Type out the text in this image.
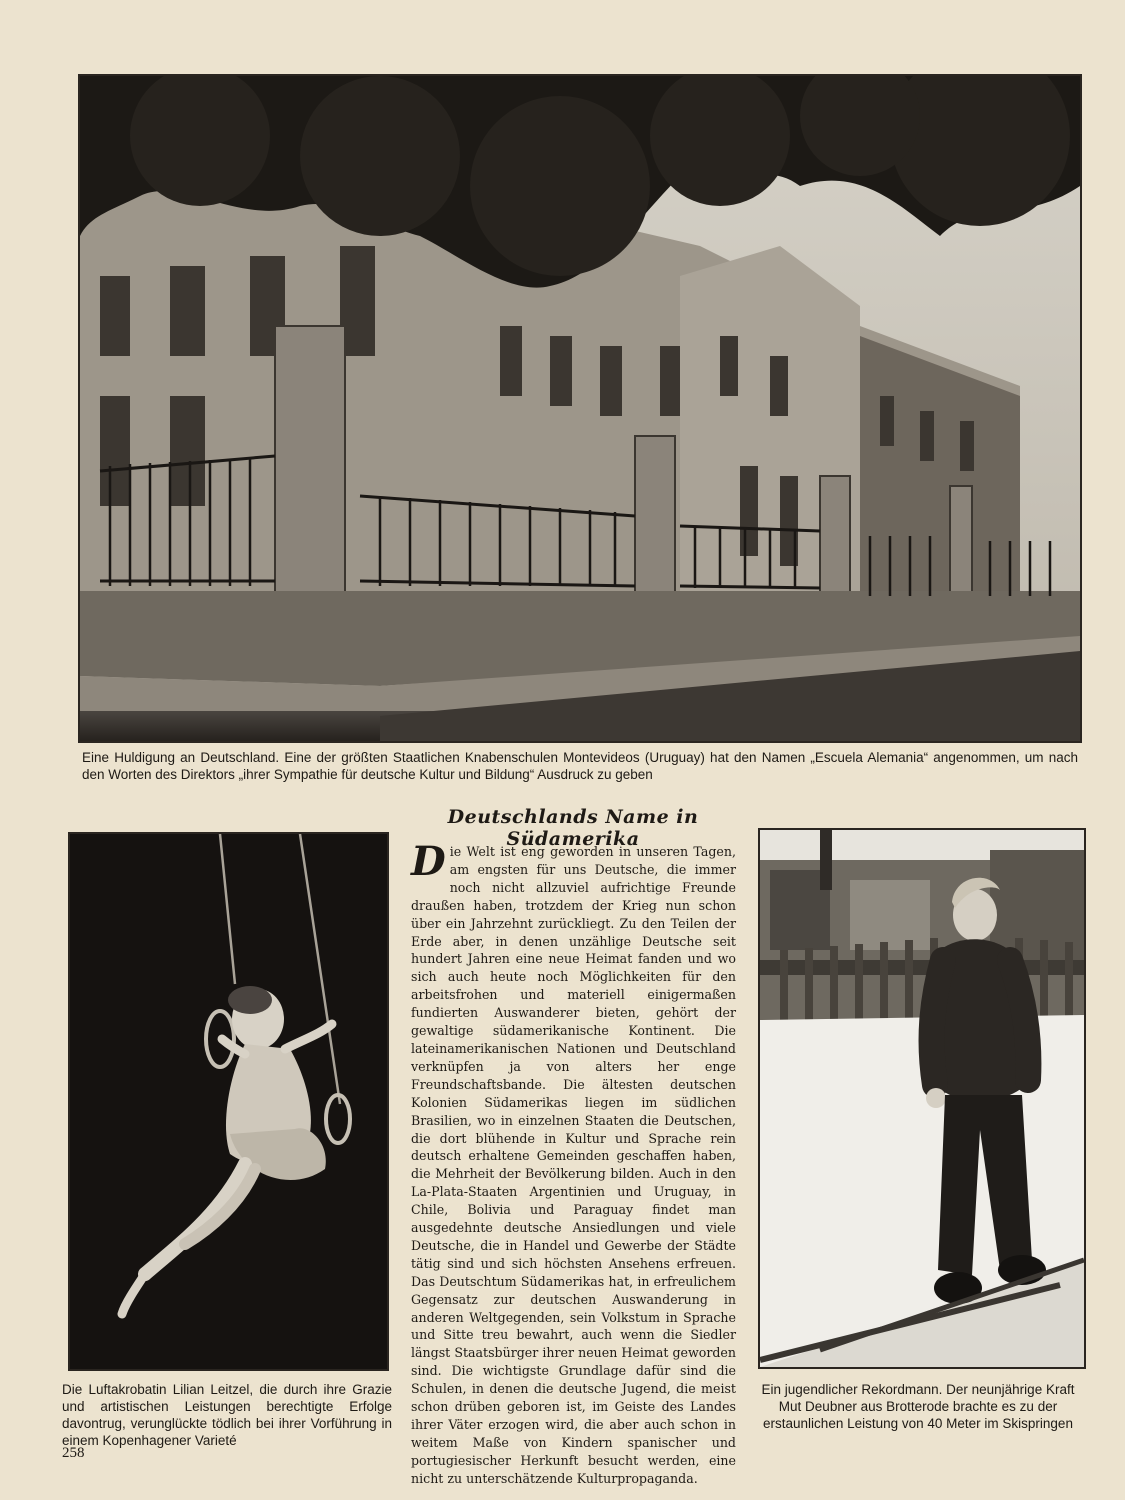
Eine Huldigung an Deutschland. Eine der größten Staatlichen Knabenschulen Montevideos (Uruguay) hat den Namen „Escuela Alemania“ angenommen, um nach den Worten des Direktors „ihrer Sympathie für deutsche Kultur und Bildung“ Ausdruck zu geben
Die Luftakrobatin Lilian Leitzel, die durch ihre Grazie und artistischen Leistungen berechtigte Erfolge davontrug, verunglückte tödlich bei ihrer Vorführung in einem Kopenhagener Varieté
Deutschlands Name in Südamerika
Die Welt ist eng geworden in unseren Tagen, am engsten für uns Deutsche, die immer noch nicht allzuviel aufrichtige Freunde draußen haben, trotzdem der Krieg nun schon über ein Jahrzehnt zurückliegt. Zu den Teilen der Erde aber, in denen unzählige Deutsche seit hundert Jahren eine neue Heimat fanden und wo sich auch heute noch Möglichkeiten für den arbeitsfrohen und materiell einigermaßen fundierten Auswanderer bieten, gehört der gewaltige südamerikanische Kontinent. Die lateinamerikanischen Nationen und Deutschland verknüpfen ja von alters her enge Freundschaftsbande. Die ältesten deutschen Kolonien Südamerikas liegen im südlichen Brasilien, wo in einzelnen Staaten die Deutschen, die dort blühende in Kultur und Sprache rein deutsch erhaltene Gemeinden geschaffen haben, die Mehrheit der Bevölkerung bilden. Auch in den La-Plata-Staaten Argentinien und Uruguay, in Chile, Bolivia und Paraguay findet man ausgedehnte deutsche Ansiedlungen und viele Deutsche, die in Handel und Gewerbe der Städte tätig sind und sich höchsten Ansehens erfreuen. Das Deutschtum Südamerikas hat, in erfreulichem Gegensatz zur deutschen Auswanderung in anderen Weltgegenden, sein Volkstum in Sprache und Sitte treu bewahrt, auch wenn die Siedler längst Staatsbürger ihrer neuen Heimat geworden sind. Die wichtigste Grundlage dafür sind die Schulen, in denen die deutsche Jugend, die meist schon drüben geboren ist, im Geiste des Landes ihrer Väter erzogen wird, die aber auch schon in weitem Maße von Kindern spanischer und portugiesischer Herkunft besucht werden, eine nicht zu unterschätzende Kulturpropaganda.
Ein jugendlicher Rekordmann. Der neunjährige Kraft Mut Deubner aus Brotterode brachte es zu der erstaunlichen Leistung von 40 Meter im Skispringen
258
